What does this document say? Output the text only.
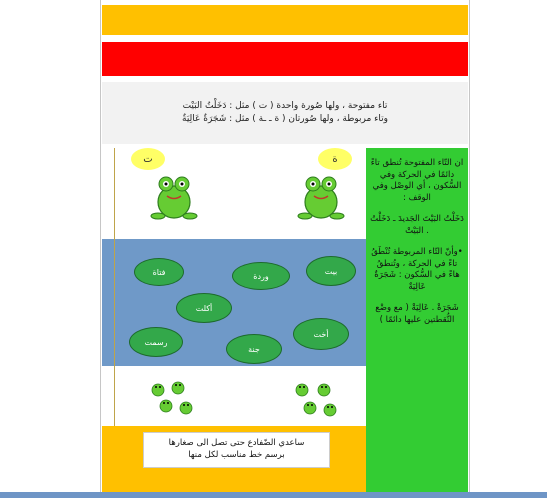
تاء مفتوحة ، ولها صُورة واحدة ( ت ) مثل : دَخَلْتُ البَيْت
وتاء مربوطة ، ولها صُورتان ( ة ـ ـة ) مثل : شَجَرَةٌ عَالِيَةٌ
ت	ة
فتاة	وردة
بيت
أكلت
رسمت
جنة
أخت
ساعدي الضّفادع حتى تصل الى صغارها
برسم خط مناسب لكل منها

ان التّاء المفتوحة تُنطق تاءً دائمًا في الحركة وفي السُّكون ، أي الوصْل وفي الوقف :

دَخَلْتُ البَيْتَ الجَديدَ ـ دَخَلْتُ . البَيْتْ

•وأنّ التّاء المربوطة تُنْطَقُ تاءً في الحركة ، وتُنطقُ هاءً في السُّكون : شَجَرَةٌ عَالِيَةٌ

شَجَرَةْ . عَالِيَةْ ( مع وضْع النُّقطتين عليها دائمًا )
